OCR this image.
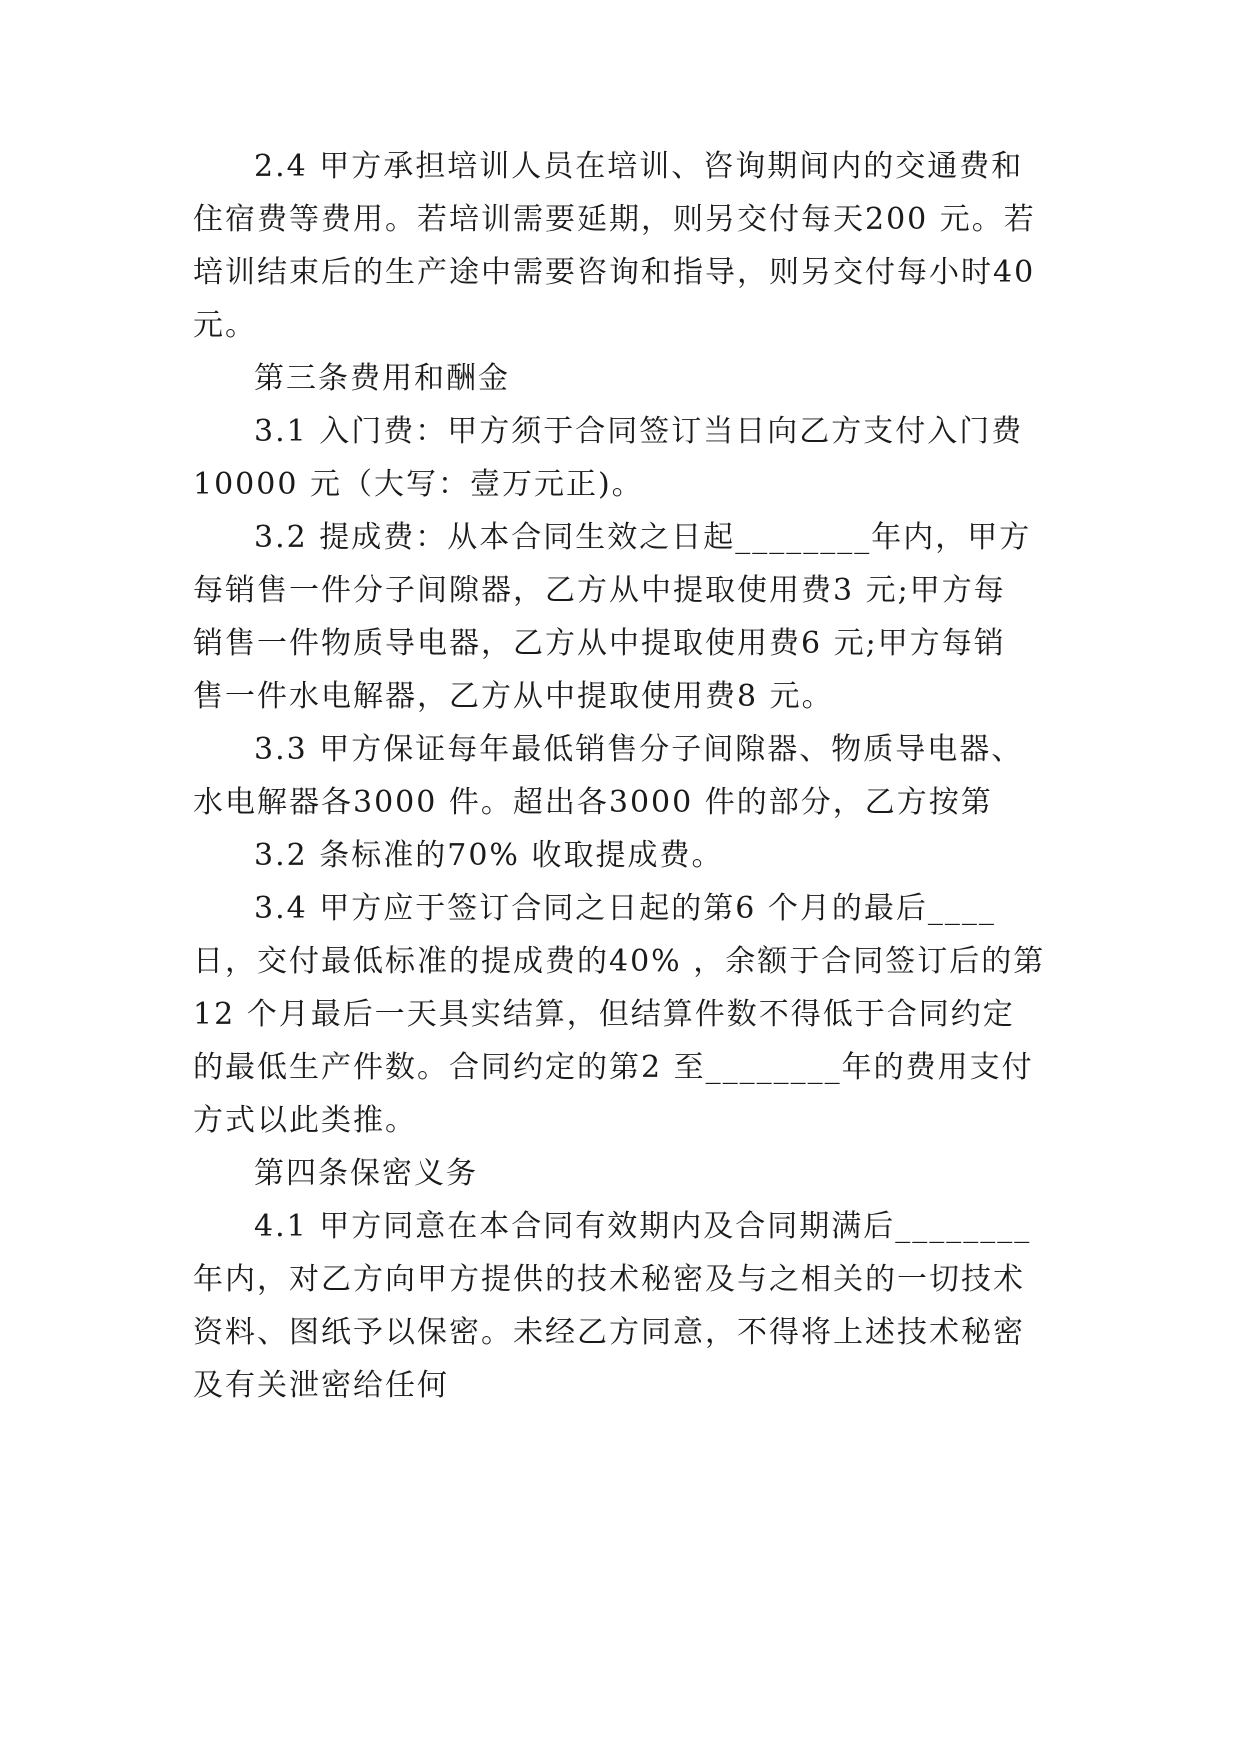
2.4 甲方承担培训人员在培训、咨询期间内的交通费和
住宿费等费用。若培训需要延期，则另交付每天200 元。若
培训结束后的生产途中需要咨询和指导，则另交付每小时40
元。
第三条费用和酬金
3.1 入门费：甲方须于合同签订当日向乙方支付入门费
10000 元（大写：壹万元正)。
3.2 提成费：从本合同生效之日起________年内，甲方
每销售一件分子间隙器，乙方从中提取使用费3 元;甲方每
销售一件物质导电器，乙方从中提取使用费6 元;甲方每销
售一件水电解器，乙方从中提取使用费8 元。
3.3 甲方保证每年最低销售分子间隙器、物质导电器、
水电解器各3000 件。超出各3000 件的部分，乙方按第
3.2 条标准的70% 收取提成费。
3.4 甲方应于签订合同之日起的第6 个月的最后____
日，交付最低标准的提成费的40% ，余额于合同签订后的第
12 个月最后一天具实结算，但结算件数不得低于合同约定
的最低生产件数。合同约定的第2 至________年的费用支付
方式以此类推。
第四条保密义务
4.1 甲方同意在本合同有效期内及合同期满后________
年内，对乙方向甲方提供的技术秘密及与之相关的一切技术
资料、图纸予以保密。未经乙方同意，不得将上述技术秘密
及有关泄密给任何
